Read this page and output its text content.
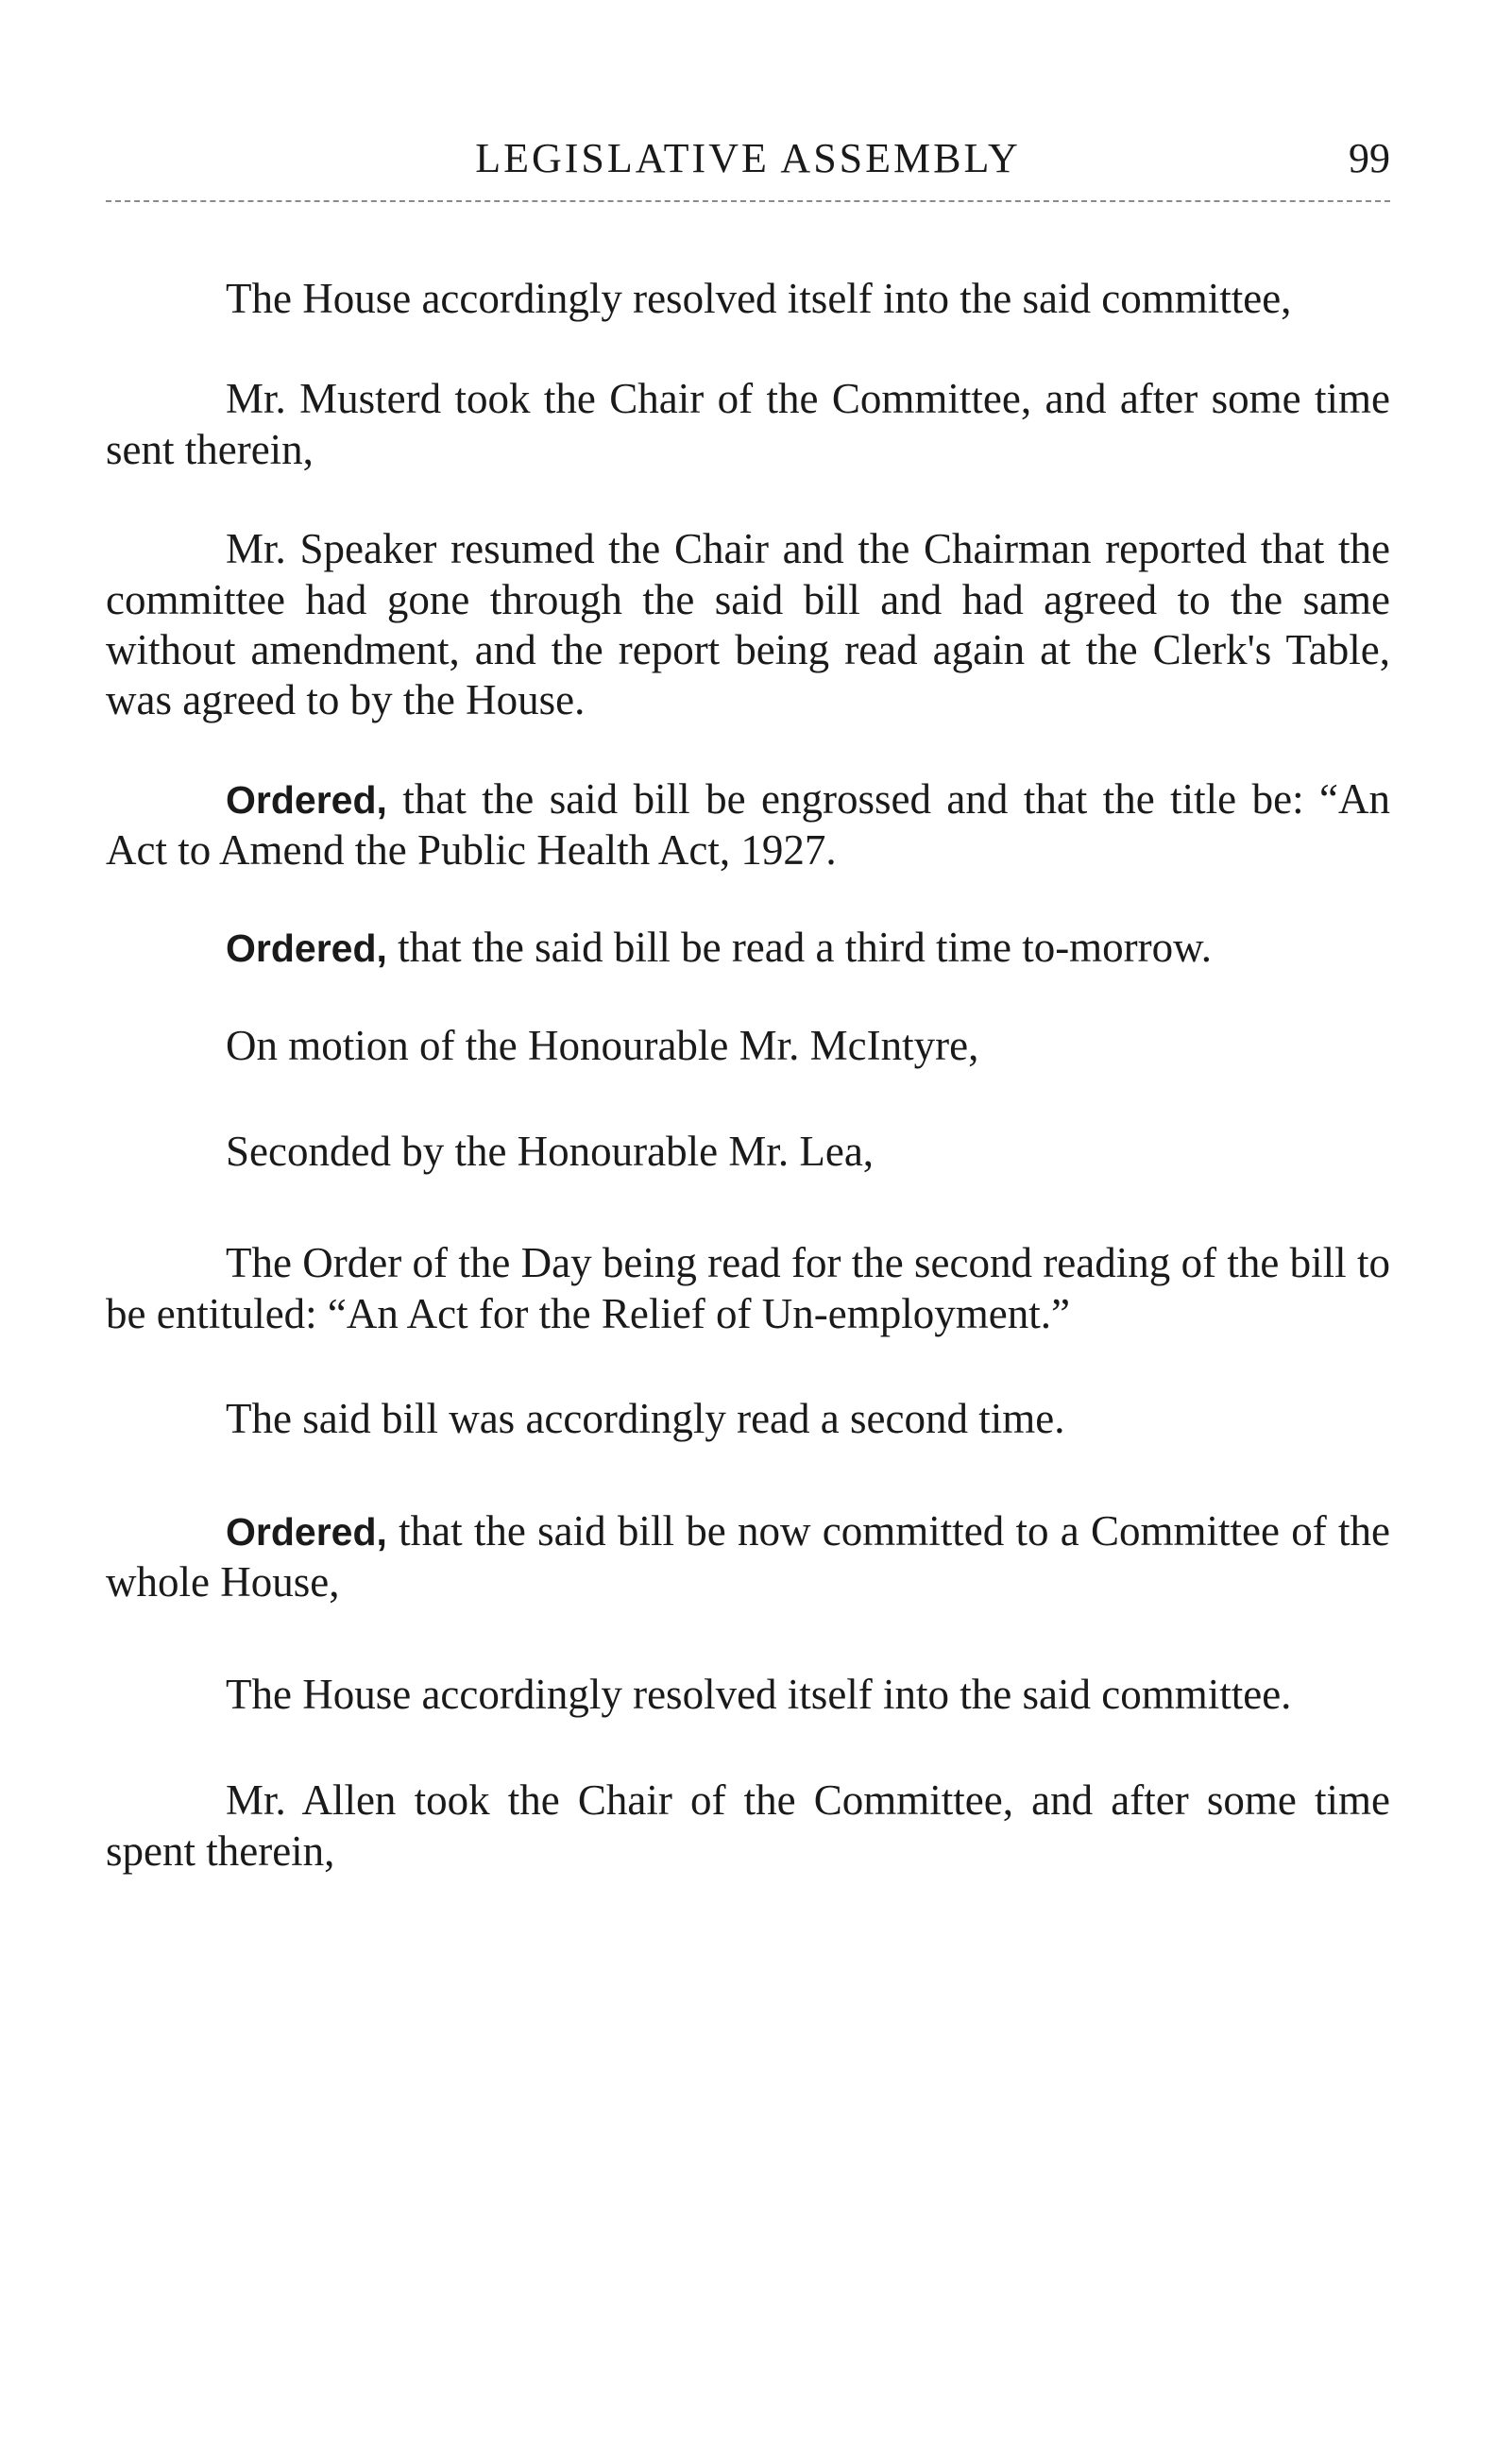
LEGISLATIVE ASSEMBLY	99

The House accordingly resolved itself into the said committee,

Mr. Musterd took the Chair of the Committee, and after some time sent therein,

Mr. Speaker resumed the Chair and the Chairman reported that the committee had gone through the said bill and had agreed to the same without amendment, and the report being read again at the Clerk's Table, was agreed to by the House.

Ordered, that the said bill be engrossed and that the title be: “An Act to Amend the Public Health Act, 1927.

Ordered, that the said bill be read a third time to-morrow.

On motion of the Honourable Mr. McIntyre,

Seconded by the Honourable Mr. Lea,

The Order of the Day being read for the second reading of the bill to be entituled: “An Act for the Relief of Un-employment.”

The said bill was accordingly read a second time.

Ordered, that the said bill be now committed to a Committee of the whole House,

The House accordingly resolved itself into the said committee.

Mr. Allen took the Chair of the Committee, and after some time spent therein,
